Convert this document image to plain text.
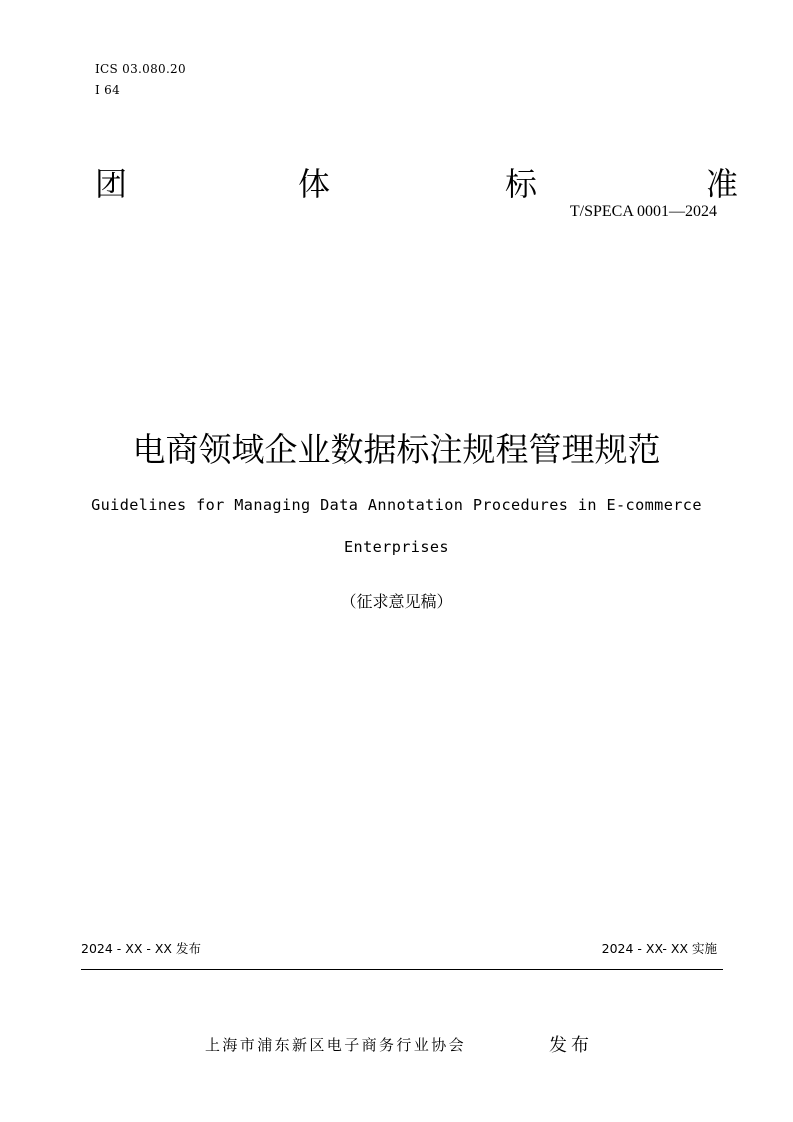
ICS 03.080.20
I 64
团	体	标	准
T/SPECA 0001—2024
电商领域企业数据标注规程管理规范
Guidelines for Managing Data Annotation Procedures in E-commerce
Enterprises
（征求意见稿）
2024 - XX - XX 发布	2024 - XX- XX 实施
上海市浦东新区电子商务行业协会	发布
